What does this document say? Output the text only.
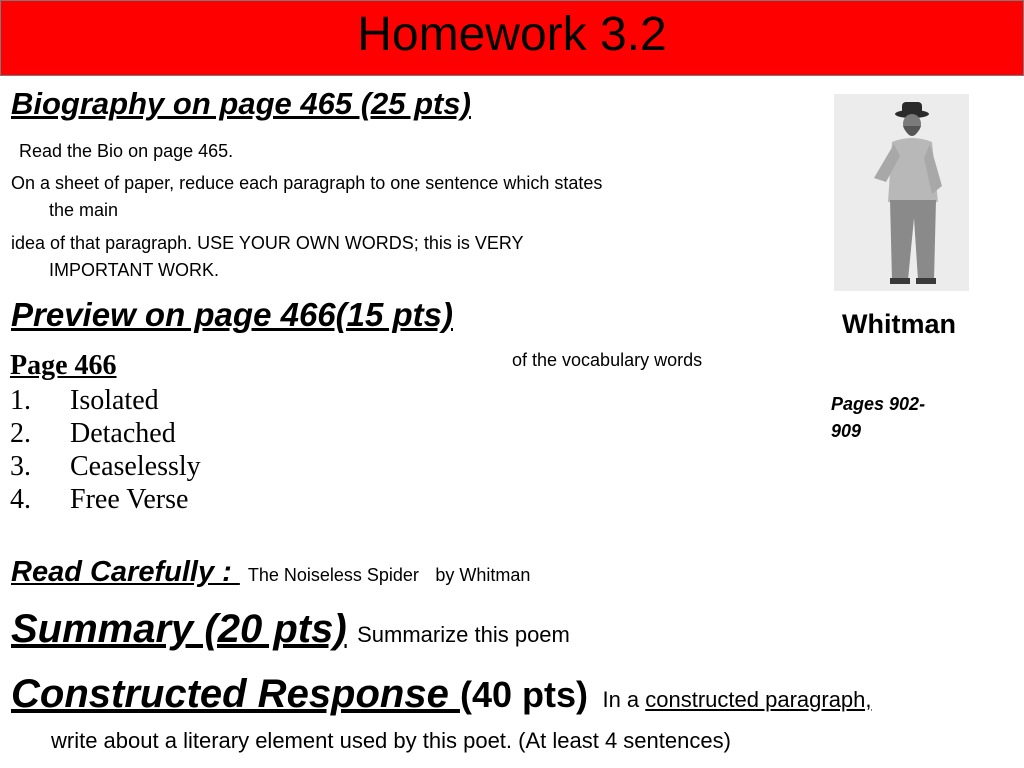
Homework 3.2
Biography on page 465 (25 pts)
Read the Bio on page 465.
On a sheet of paper, reduce each paragraph to one sentence which states
the main
idea of that paragraph. USE YOUR OWN WORDS; this is VERY
IMPORTANT WORK.
Preview on page 466(15 pts)
of the vocabulary words
Page 466
1.	Isolated
2.	Detached
3.	Ceaselessly
4.	Free Verse
Whitman
Pages 902-
909
Read Carefully : The Noiseless Spider by Whitman
Summary (20 pts) Summarize this poem
Constructed Response (40 pts) In a constructed paragraph,
write about a literary element used by this poet. (At least 4 sentences)
